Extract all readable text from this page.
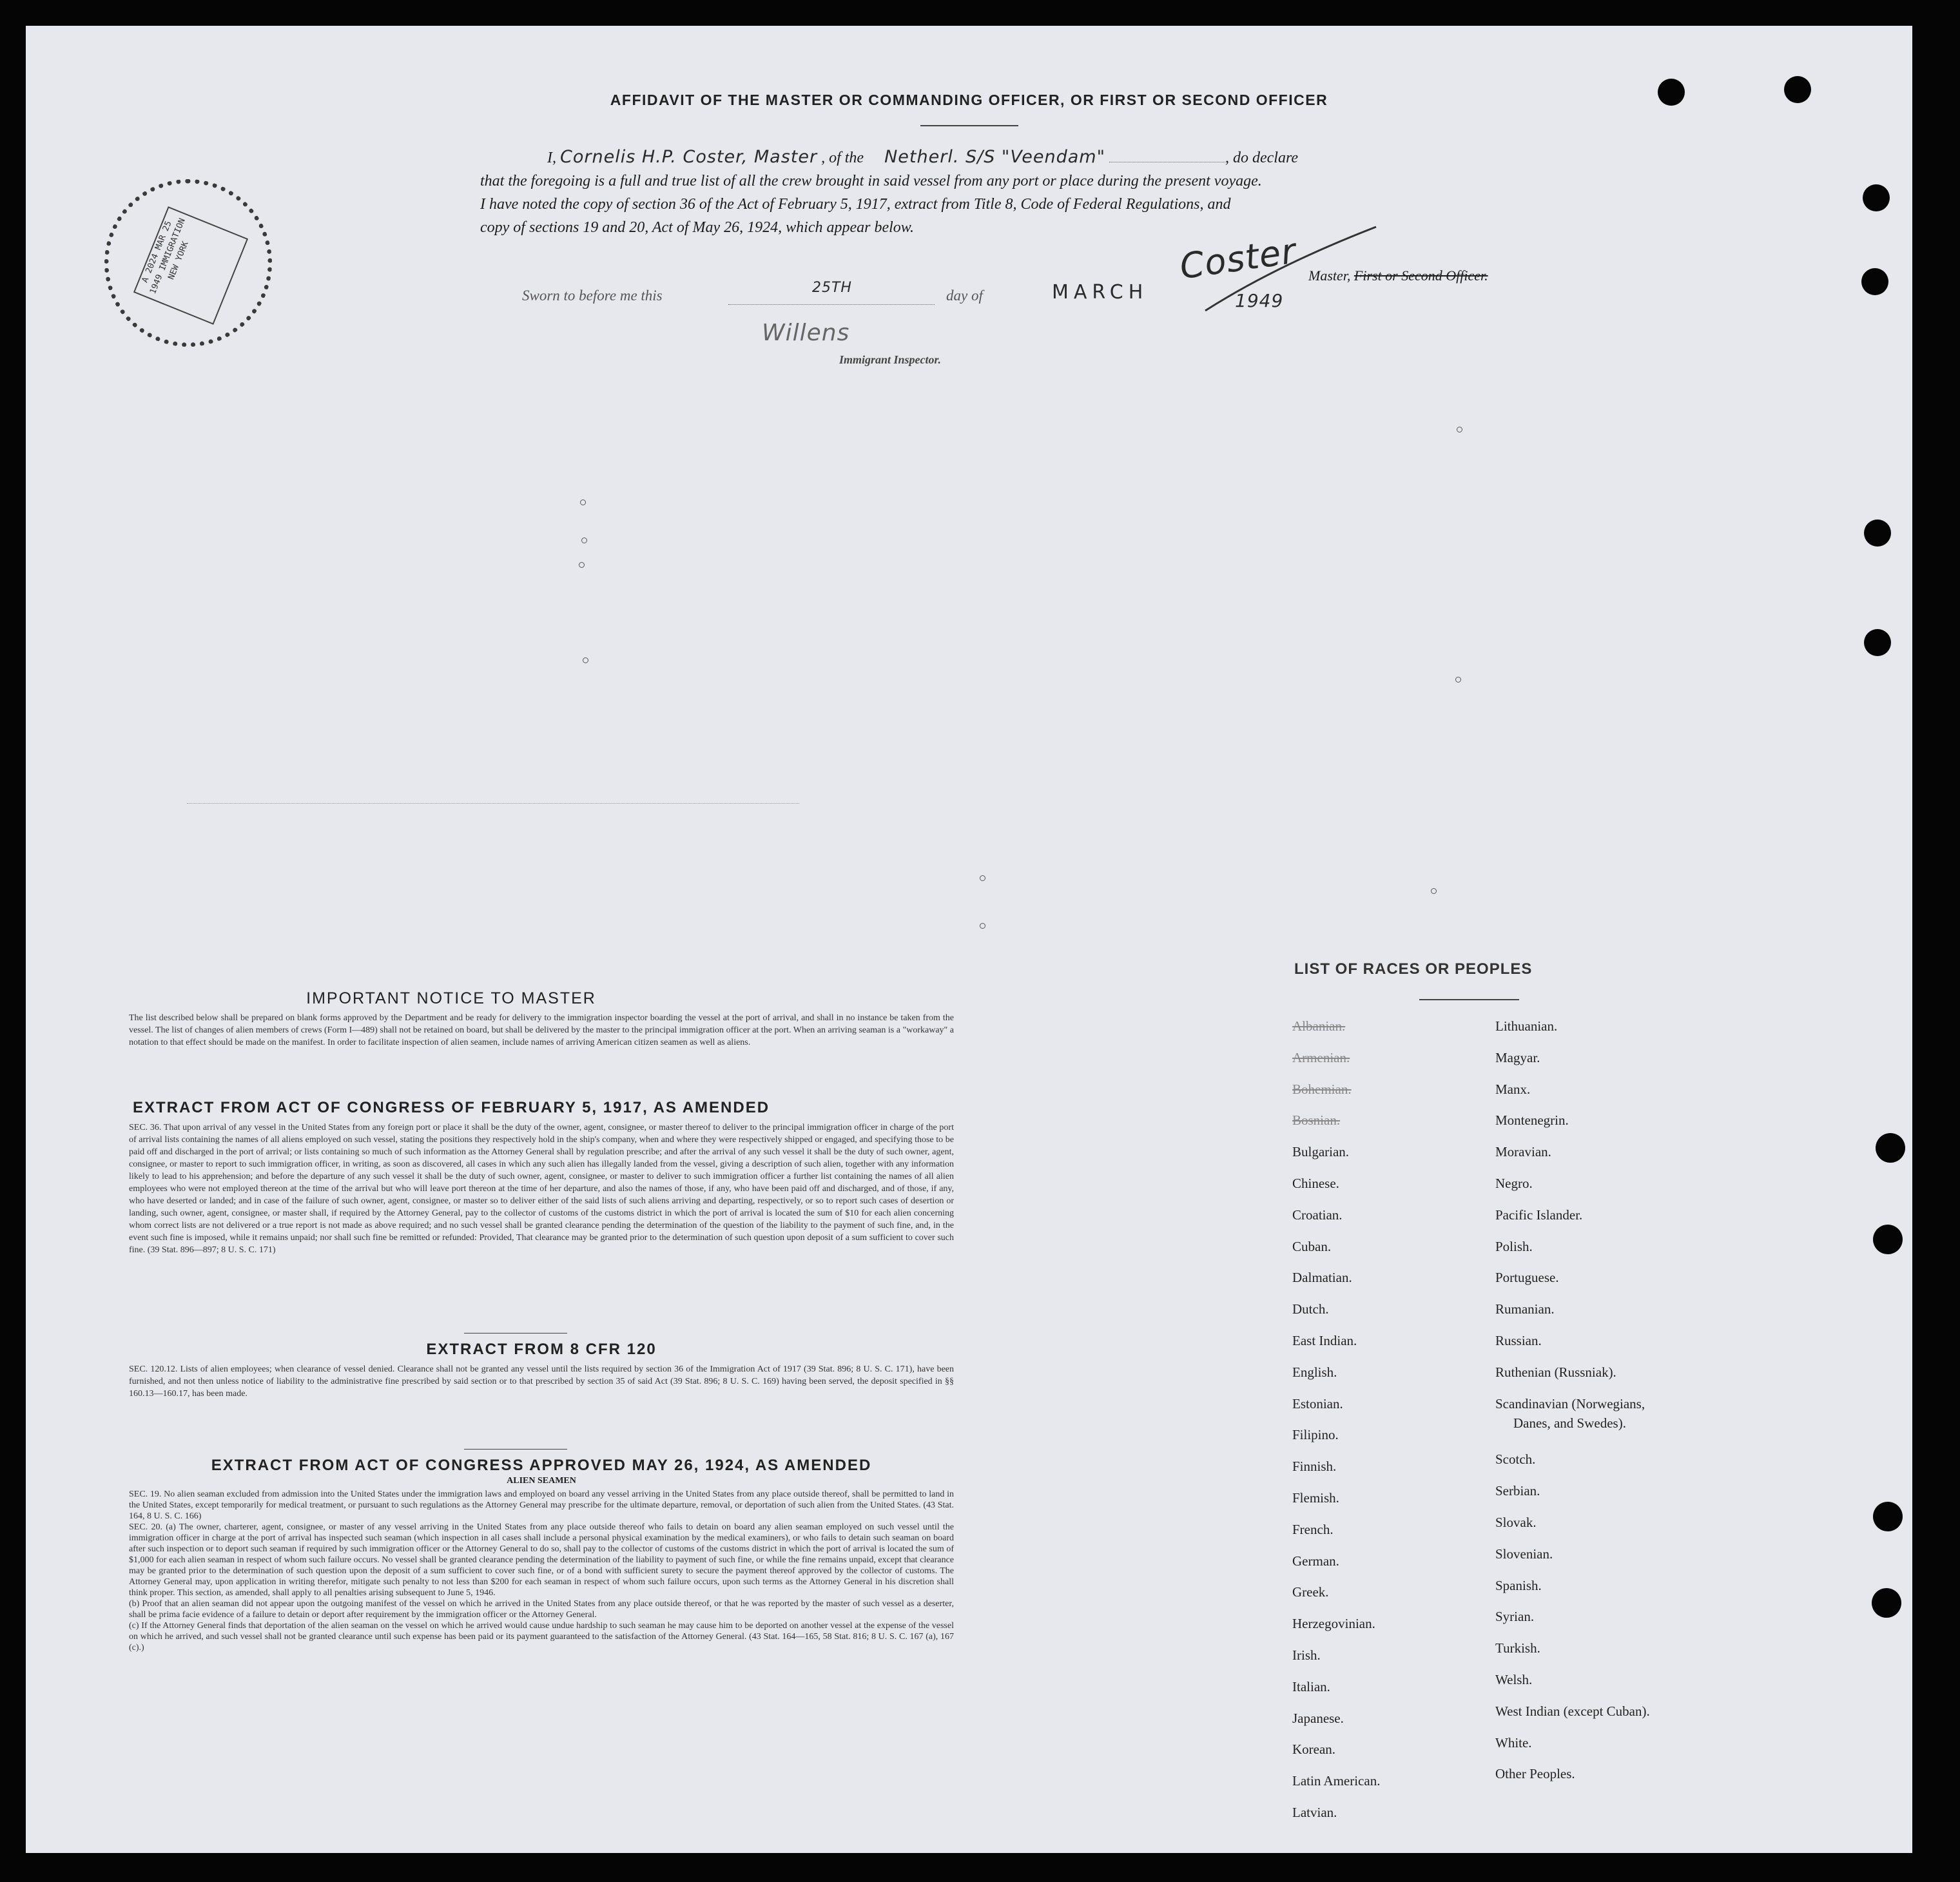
AFFIDAVIT OF THE MASTER OR COMMANDING OFFICER, OR FIRST OR SECOND OFFICER
I, Cornelis H.P. Coster, Master , of the Netherl. S/S "Veendam"	, do declare
that the foregoing is a full and true list of all the crew brought in said vessel from any port or place during the present voyage.
I have noted the copy of section 36 of the Act of February 5, 1917, extract from Title 8, Code of Federal Regulations, and
copy of sections 19 and 20, Act of May 26, 1924, which appear below.
Coster Master, First or Second Officer.
Sworn to before me this	25TH	day of	MARCH	1949
Willens
Immigrant Inspector.
A 2024 MAR 25 1949 IMMIGRATION NEW YORK
IMPORTANT NOTICE TO MASTER
The list described below shall be prepared on blank forms approved by the Department and be ready for delivery to the immigration inspector boarding the vessel at the port of arrival, and shall in no instance be taken from the vessel. The list of changes of alien members of crews (Form I—489) shall not be retained on board, but shall be delivered by the master to the principal immigration officer at the port. When an arriving seaman is a "workaway" a notation to that effect should be made on the manifest. In order to facilitate inspection of alien seamen, include names of arriving American citizen seamen as well as aliens.
EXTRACT FROM ACT OF CONGRESS OF FEBRUARY 5, 1917, AS AMENDED
SEC. 36. That upon arrival of any vessel in the United States from any foreign port or place it shall be the duty of the owner, agent, consignee, or master thereof to deliver to the principal immigration officer in charge of the port of arrival lists containing the names of all aliens employed on such vessel, stating the positions they respectively hold in the ship's company, when and where they were respectively shipped or engaged, and specifying those to be paid off and discharged in the port of arrival; or lists containing so much of such information as the Attorney General shall by regulation prescribe; and after the arrival of any such vessel it shall be the duty of such owner, agent, consignee, or master to report to such immigration officer, in writing, as soon as discovered, all cases in which any such alien has illegally landed from the vessel, giving a description of such alien, together with any information likely to lead to his apprehension; and before the departure of any such vessel it shall be the duty of such owner, agent, consignee, or master to deliver to such immigration officer a further list containing the names of all alien employees who were not employed thereon at the time of the arrival but who will leave port thereon at the time of her departure, and also the names of those, if any, who have been paid off and discharged, and of those, if any, who have deserted or landed; and in case of the failure of such owner, agent, consignee, or master so to deliver either of the said lists of such aliens arriving and departing, respectively, or so to report such cases of desertion or landing, such owner, agent, consignee, or master shall, if required by the Attorney General, pay to the collector of customs of the customs district in which the port of arrival is located the sum of $10 for each alien concerning whom correct lists are not delivered or a true report is not made as above required; and no such vessel shall be granted clearance pending the determination of the question of the liability to the payment of such fine, and, in the event such fine is imposed, while it remains unpaid; nor shall such fine be remitted or refunded: Provided, That clearance may be granted prior to the determination of such question upon deposit of a sum sufficient to cover such fine. (39 Stat. 896—897; 8 U. S. C. 171)
EXTRACT FROM 8 CFR 120
SEC. 120.12. Lists of alien employees; when clearance of vessel denied. Clearance shall not be granted any vessel until the lists required by section 36 of the Immigration Act of 1917 (39 Stat. 896; 8 U. S. C. 171), have been furnished, and not then unless notice of liability to the administrative fine prescribed by said section or to that prescribed by section 35 of said Act (39 Stat. 896; 8 U. S. C. 169) having been served, the deposit specified in §§ 160.13—160.17, has been made.
EXTRACT FROM ACT OF CONGRESS APPROVED MAY 26, 1924, AS AMENDED
ALIEN SEAMEN
SEC. 19. No alien seaman excluded from admission into the United States under the immigration laws and employed on board any vessel arriving in the United States from any place outside thereof, shall be permitted to land in the United States, except temporarily for medical treatment, or pursuant to such regulations as the Attorney General may prescribe for the ultimate departure, removal, or deportation of such alien from the United States. (43 Stat. 164, 8 U. S. C. 166)
SEC. 20. (a) The owner, charterer, agent, consignee, or master of any vessel arriving in the United States from any place outside thereof who fails to detain on board any alien seaman employed on such vessel until the immigration officer in charge at the port of arrival has inspected such seaman (which inspection in all cases shall include a personal physical examination by the medical examiners), or who fails to detain such seaman on board after such inspection or to deport such seaman if required by such immigration officer or the Attorney General to do so, shall pay to the collector of customs of the customs district in which the port of arrival is located the sum of $1,000 for each alien seaman in respect of whom such failure occurs. No vessel shall be granted clearance pending the determination of the liability to payment of such fine, or while the fine remains unpaid, except that clearance may be granted prior to the determination of such question upon the deposit of a sum sufficient to cover such fine, or of a bond with sufficient surety to secure the payment thereof approved by the collector of customs. The Attorney General may, upon application in writing therefor, mitigate such penalty to not less than $200 for each seaman in respect of whom such failure occurs, upon such terms as the Attorney General in his discretion shall think proper. This section, as amended, shall apply to all penalties arising subsequent to June 5, 1946.
(b) Proof that an alien seaman did not appear upon the outgoing manifest of the vessel on which he arrived in the United States from any place outside thereof, or that he was reported by the master of such vessel as a deserter, shall be prima facie evidence of a failure to detain or deport after requirement by the immigration officer or the Attorney General.
(c) If the Attorney General finds that deportation of the alien seaman on the vessel on which he arrived would cause undue hardship to such seaman he may cause him to be deported on another vessel at the expense of the vessel on which he arrived, and such vessel shall not be granted clearance until such expense has been paid or its payment guaranteed to the satisfaction of the Attorney General. (43 Stat. 164—165, 58 Stat. 816; 8 U. S. C. 167 (a), 167 (c).)
LIST OF RACES OR PEOPLES
Albanian.
Armenian.
Bohemian.
Bosnian.
Bulgarian.
Chinese.
Croatian.
Cuban.
Dalmatian.
Dutch.
East Indian.
English.
Estonian.
Filipino.
Finnish.
Flemish.
French.
German.
Greek.
Herzegovinian.
Irish.
Italian.
Japanese.
Korean.
Latin American.
Latvian.
Lithuanian.
Magyar.
Manx.
Montenegrin.
Moravian.
Negro.
Pacific Islander.
Polish.
Portuguese.
Rumanian.
Russian.
Ruthenian (Russniak).
Scandinavian (Norwegians,
Danes, and Swedes).
Scotch.
Serbian.
Slovak.
Slovenian.
Spanish.
Syrian.
Turkish.
Welsh.
West Indian (except Cuban).
White.
Other Peoples.
